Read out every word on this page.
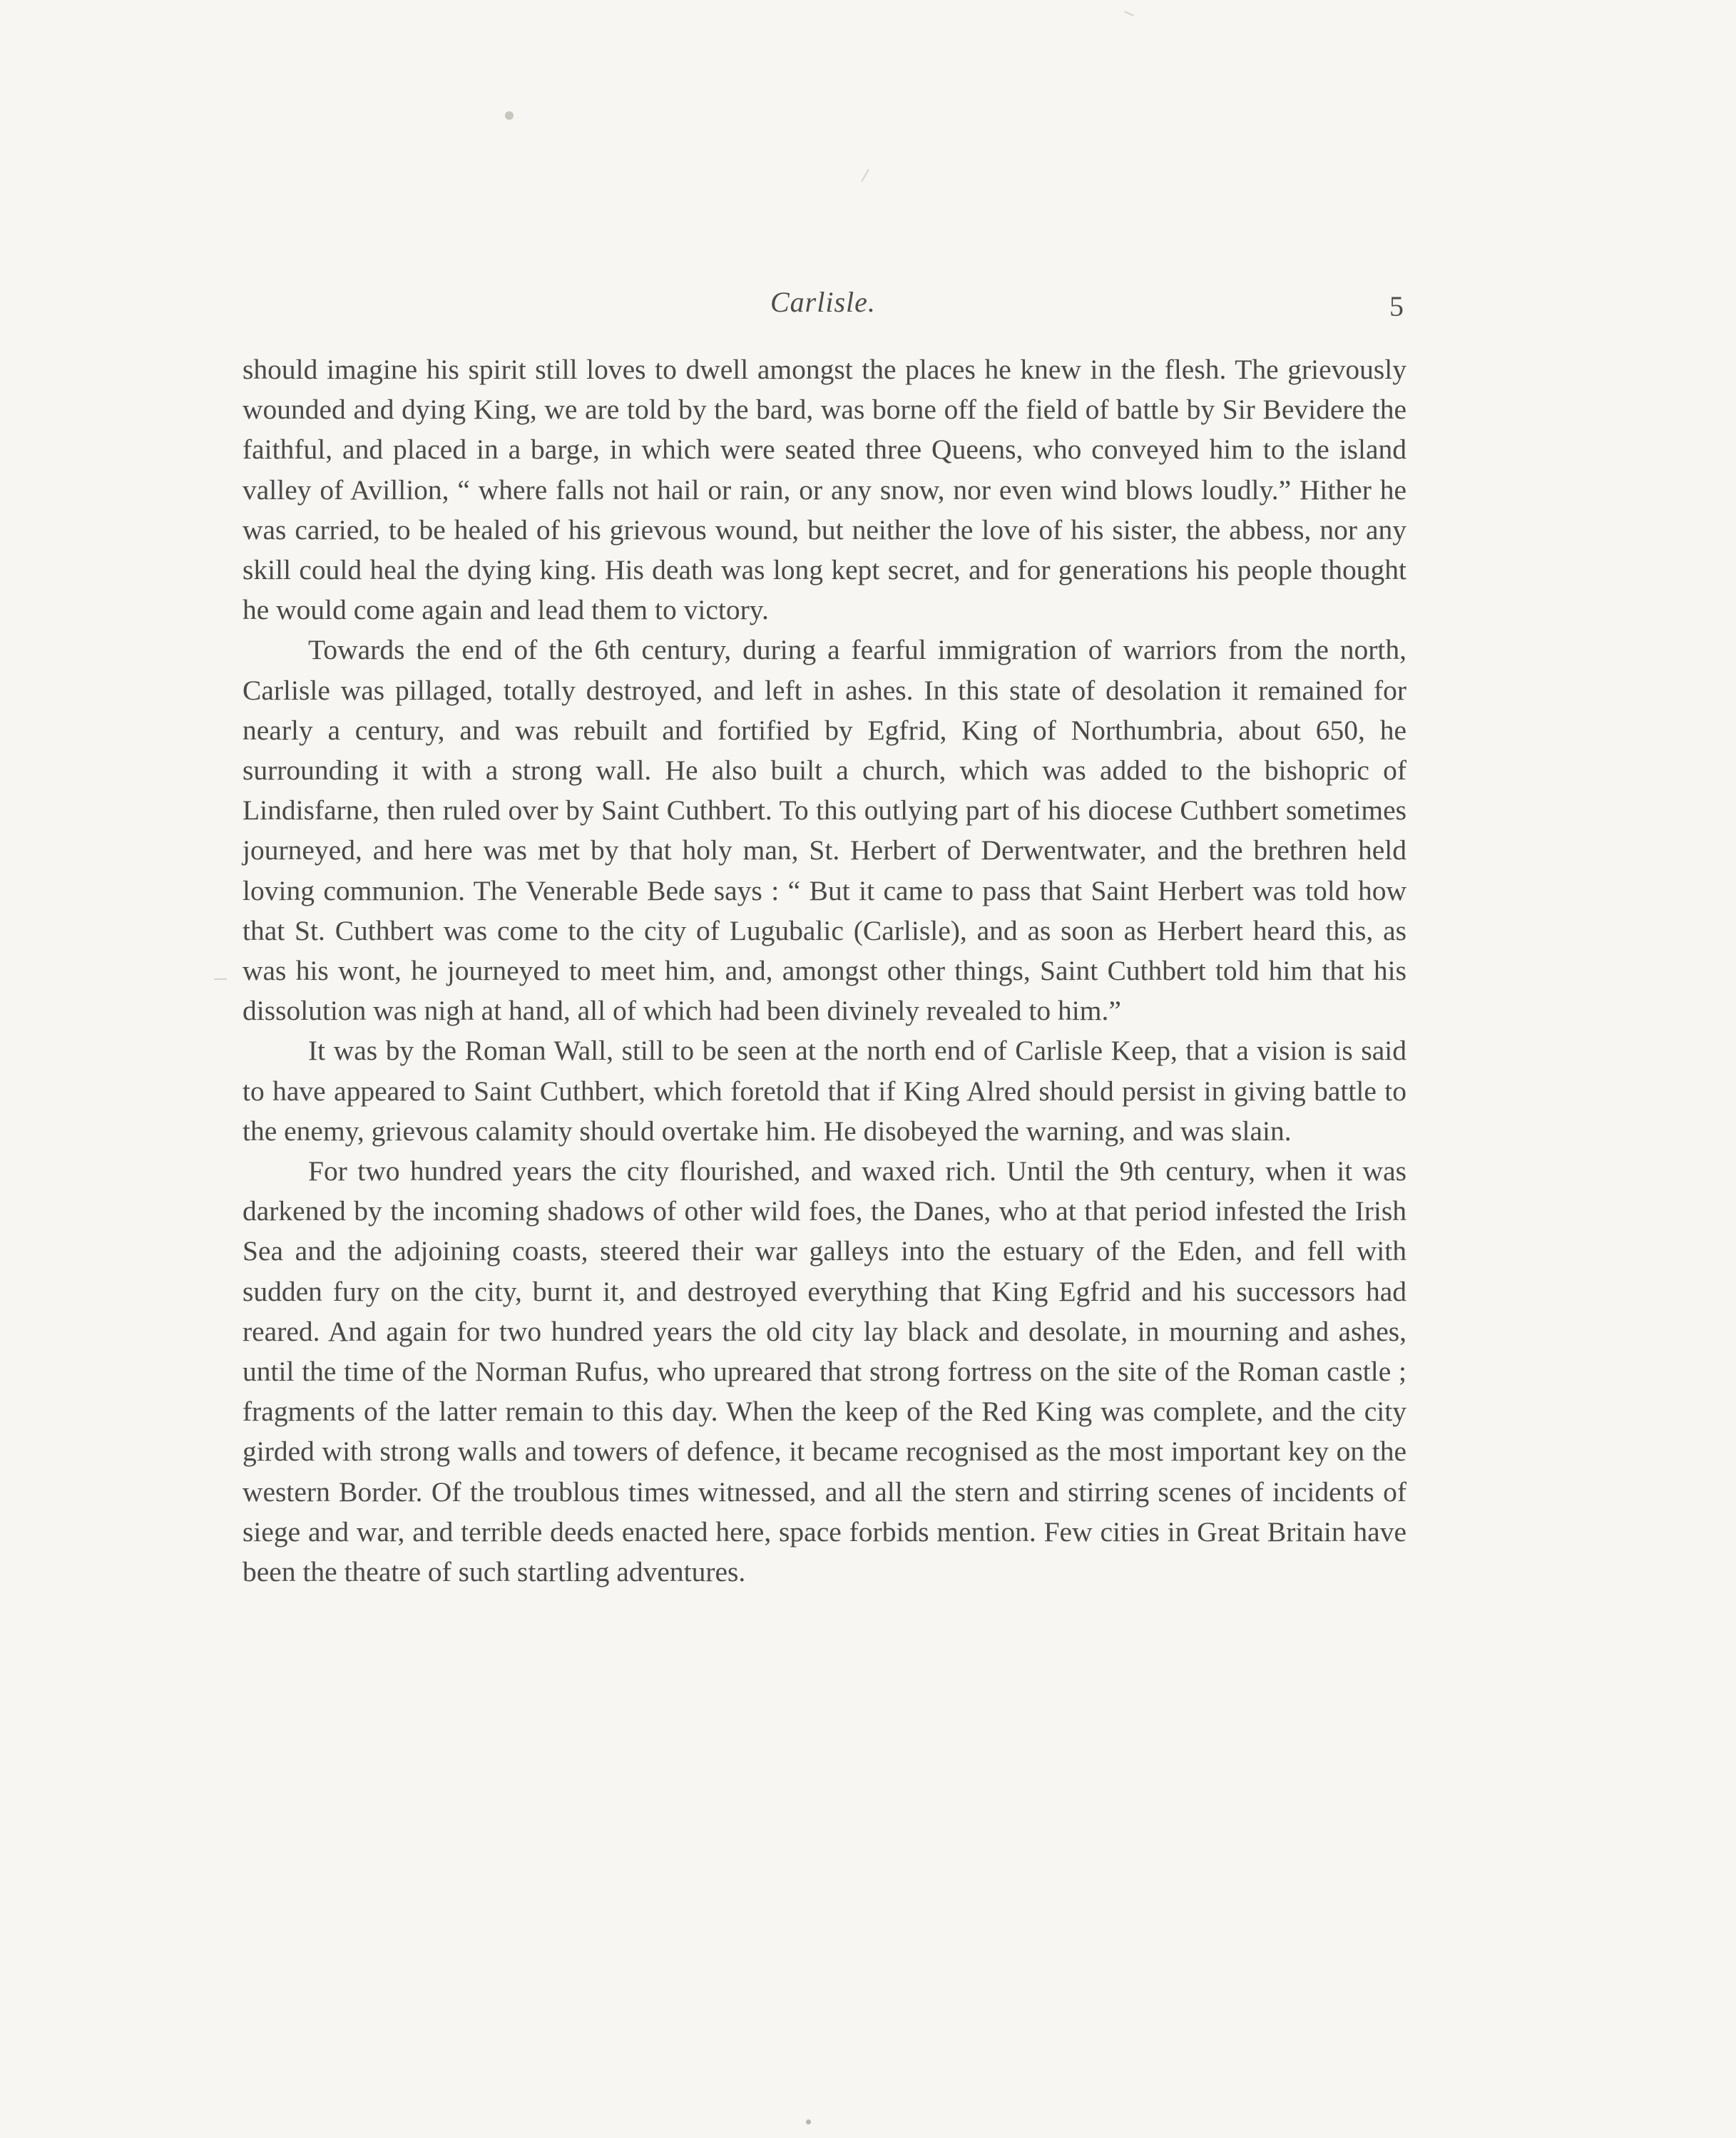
Carlisle.	5

should imagine his spirit still loves to dwell amongst the places he knew in the flesh. The grievously wounded and dying King, we are told by the bard, was borne off the field of battle by Sir Bevidere the faithful, and placed in a barge, in which were seated three Queens, who conveyed him to the island valley of Avillion, “ where falls not hail or rain, or any snow, nor even wind blows loudly.” Hither he was carried, to be healed of his grievous wound, but neither the love of his sister, the abbess, nor any skill could heal the dying king. His death was long kept secret, and for generations his people thought he would come again and lead them to victory.

Towards the end of the 6th century, during a fearful immigration of warriors from the north, Carlisle was pillaged, totally destroyed, and left in ashes. In this state of desolation it remained for nearly a century, and was rebuilt and fortified by Egfrid, King of Northumbria, about 650, he surrounding it with a strong wall. He also built a church, which was added to the bishopric of Lindisfarne, then ruled over by Saint Cuthbert. To this outlying part of his diocese Cuthbert sometimes journeyed, and here was met by that holy man, St. Herbert of Derwentwater, and the brethren held loving communion. The Venerable Bede says : “ But it came to pass that Saint Herbert was told how that St. Cuthbert was come to the city of Lugubalic (Carlisle), and as soon as Herbert heard this, as was his wont, he journeyed to meet him, and, amongst other things, Saint Cuthbert told him that his dissolution was nigh at hand, all of which had been divinely revealed to him.”

It was by the Roman Wall, still to be seen at the north end of Carlisle Keep, that a vision is said to have appeared to Saint Cuthbert, which foretold that if King Alred should persist in giving battle to the enemy, grievous calamity should overtake him. He disobeyed the warning, and was slain.

For two hundred years the city flourished, and waxed rich. Until the 9th century, when it was darkened by the incoming shadows of other wild foes, the Danes, who at that period infested the Irish Sea and the adjoining coasts, steered their war galleys into the estuary of the Eden, and fell with sudden fury on the city, burnt it, and destroyed everything that King Egfrid and his successors had reared. And again for two hundred years the old city lay black and desolate, in mourning and ashes, until the time of the Norman Rufus, who upreared that strong fortress on the site of the Roman castle ; fragments of the latter remain to this day. When the keep of the Red King was complete, and the city girded with strong walls and towers of defence, it became recognised as the most important key on the western Border. Of the troublous times witnessed, and all the stern and stirring scenes of incidents of siege and war, and terrible deeds enacted here, space forbids mention. Few cities in Great Britain have been the theatre of such startling adventures.
